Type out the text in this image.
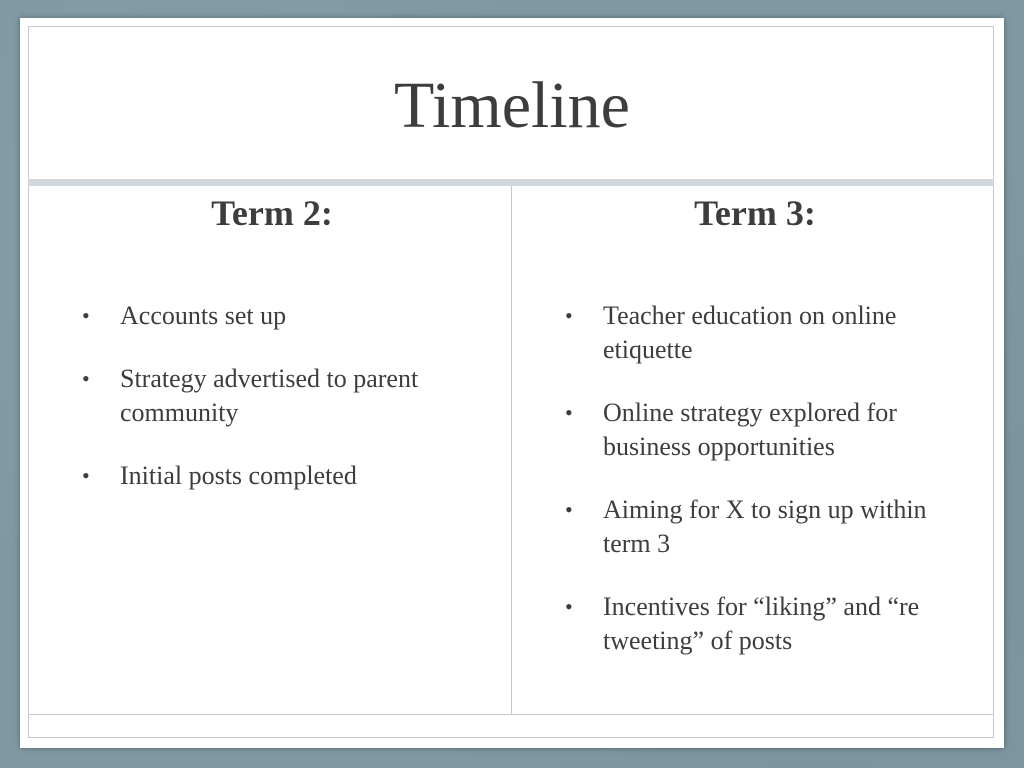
Timeline
Term 2:
• Accounts set up
• Strategy advertised to parent community
• Initial posts completed
Term 3:
• Teacher education on online etiquette
• Online strategy explored for business opportunities
• Aiming for X to sign up within term 3
• Incentives for “liking” and “re tweeting” of posts
